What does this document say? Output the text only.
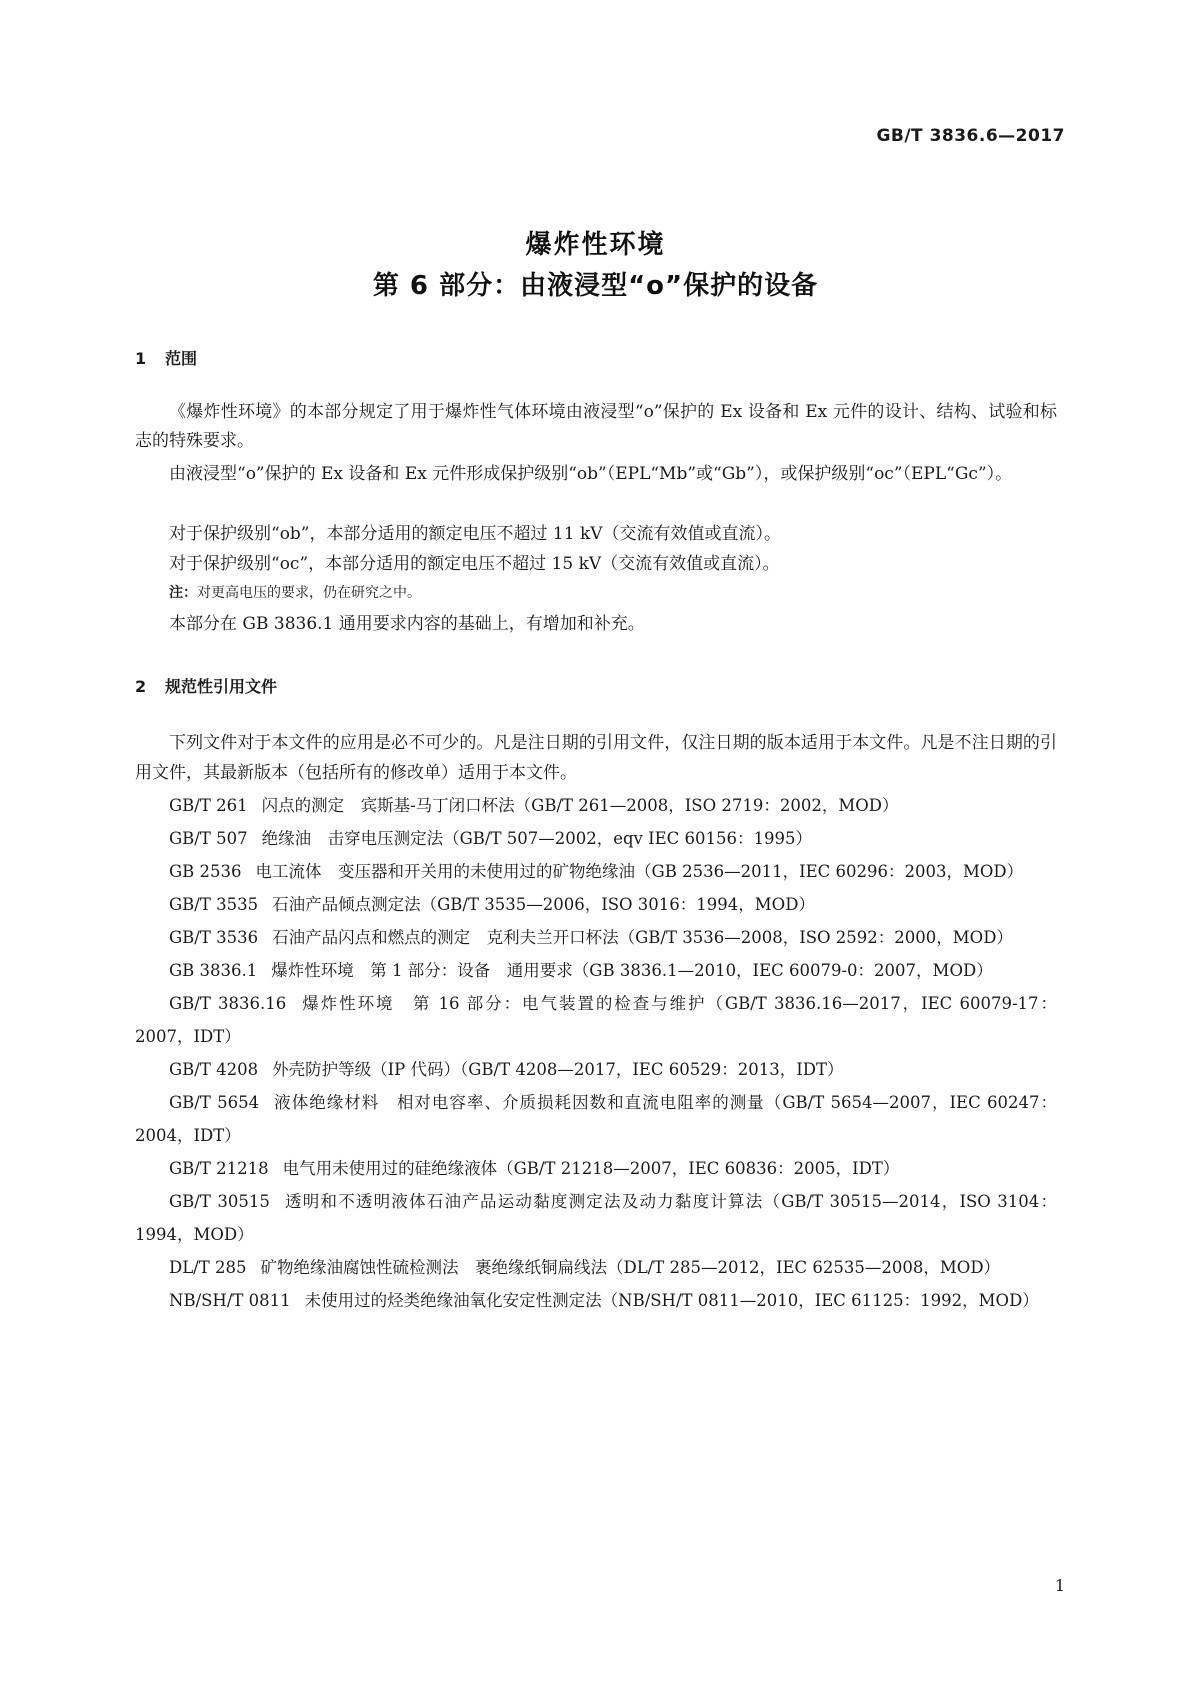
GB/T 3836.6—2017
爆炸性环境
第 6 部分：由液浸型“o”保护的设备
1 范围

《爆炸性环境》的本部分规定了用于爆炸性气体环境由液浸型“o”保护的 Ex 设备和 Ex 元件的设计、结构、试验和标志的特殊要求。

由液浸型“o”保护的 Ex 设备和 Ex 元件形成保护级别“ob”（EPL“Mb”或“Gb”），或保护级别“oc”（EPL“Gc”）。

对于保护级别“ob”，本部分适用的额定电压不超过 11 kV（交流有效值或直流）。

对于保护级别“oc”，本部分适用的额定电压不超过 15 kV（交流有效值或直流）。

注：对更高电压的要求，仍在研究之中。

本部分在 GB 3836.1 通用要求内容的基础上，有增加和补充。

2 规范性引用文件

下列文件对于本文件的应用是必不可少的。凡是注日期的引用文件，仅注日期的版本适用于本文件。凡是不注日期的引用文件，其最新版本（包括所有的修改单）适用于本文件。

GB/T 261 闪点的测定　宾斯基-马丁闭口杯法（GB/T 261—2008，ISO 2719：2002，MOD）
GB/T 507 绝缘油　击穿电压测定法（GB/T 507—2002，eqv IEC 60156：1995）
GB 2536 电工流体　变压器和开关用的未使用过的矿物绝缘油（GB 2536—2011，IEC 60296：2003，MOD）
GB/T 3535 石油产品倾点测定法（GB/T 3535—2006，ISO 3016：1994，MOD）
GB/T 3536 石油产品闪点和燃点的测定　克利夫兰开口杯法（GB/T 3536—2008，ISO 2592：2000，MOD）
GB 3836.1 爆炸性环境　第 1 部分：设备　通用要求（GB 3836.1—2010，IEC 60079-0：2007，MOD）
GB/T 3836.16 爆炸性环境　第 16 部分：电气装置的检查与维护（GB/T 3836.16—2017，IEC 60079-17：2007，IDT）
GB/T 4208 外壳防护等级（IP 代码）（GB/T 4208—2017，IEC 60529：2013，IDT）
GB/T 5654 液体绝缘材料　相对电容率、介质损耗因数和直流电阻率的测量（GB/T 5654—2007，IEC 60247：2004，IDT）
GB/T 21218 电气用未使用过的硅绝缘液体（GB/T 21218—2007，IEC 60836：2005，IDT）
GB/T 30515 透明和不透明液体石油产品运动黏度测定法及动力黏度计算法（GB/T 30515—2014，ISO 3104：1994，MOD）
DL/T 285 矿物绝缘油腐蚀性硫检测法　裹绝缘纸铜扁线法（DL/T 285—2012，IEC 62535—2008，MOD）
NB/SH/T 0811 未使用过的烃类绝缘油氧化安定性测定法（NB/SH/T 0811—2010，IEC 61125：1992，MOD）
1
